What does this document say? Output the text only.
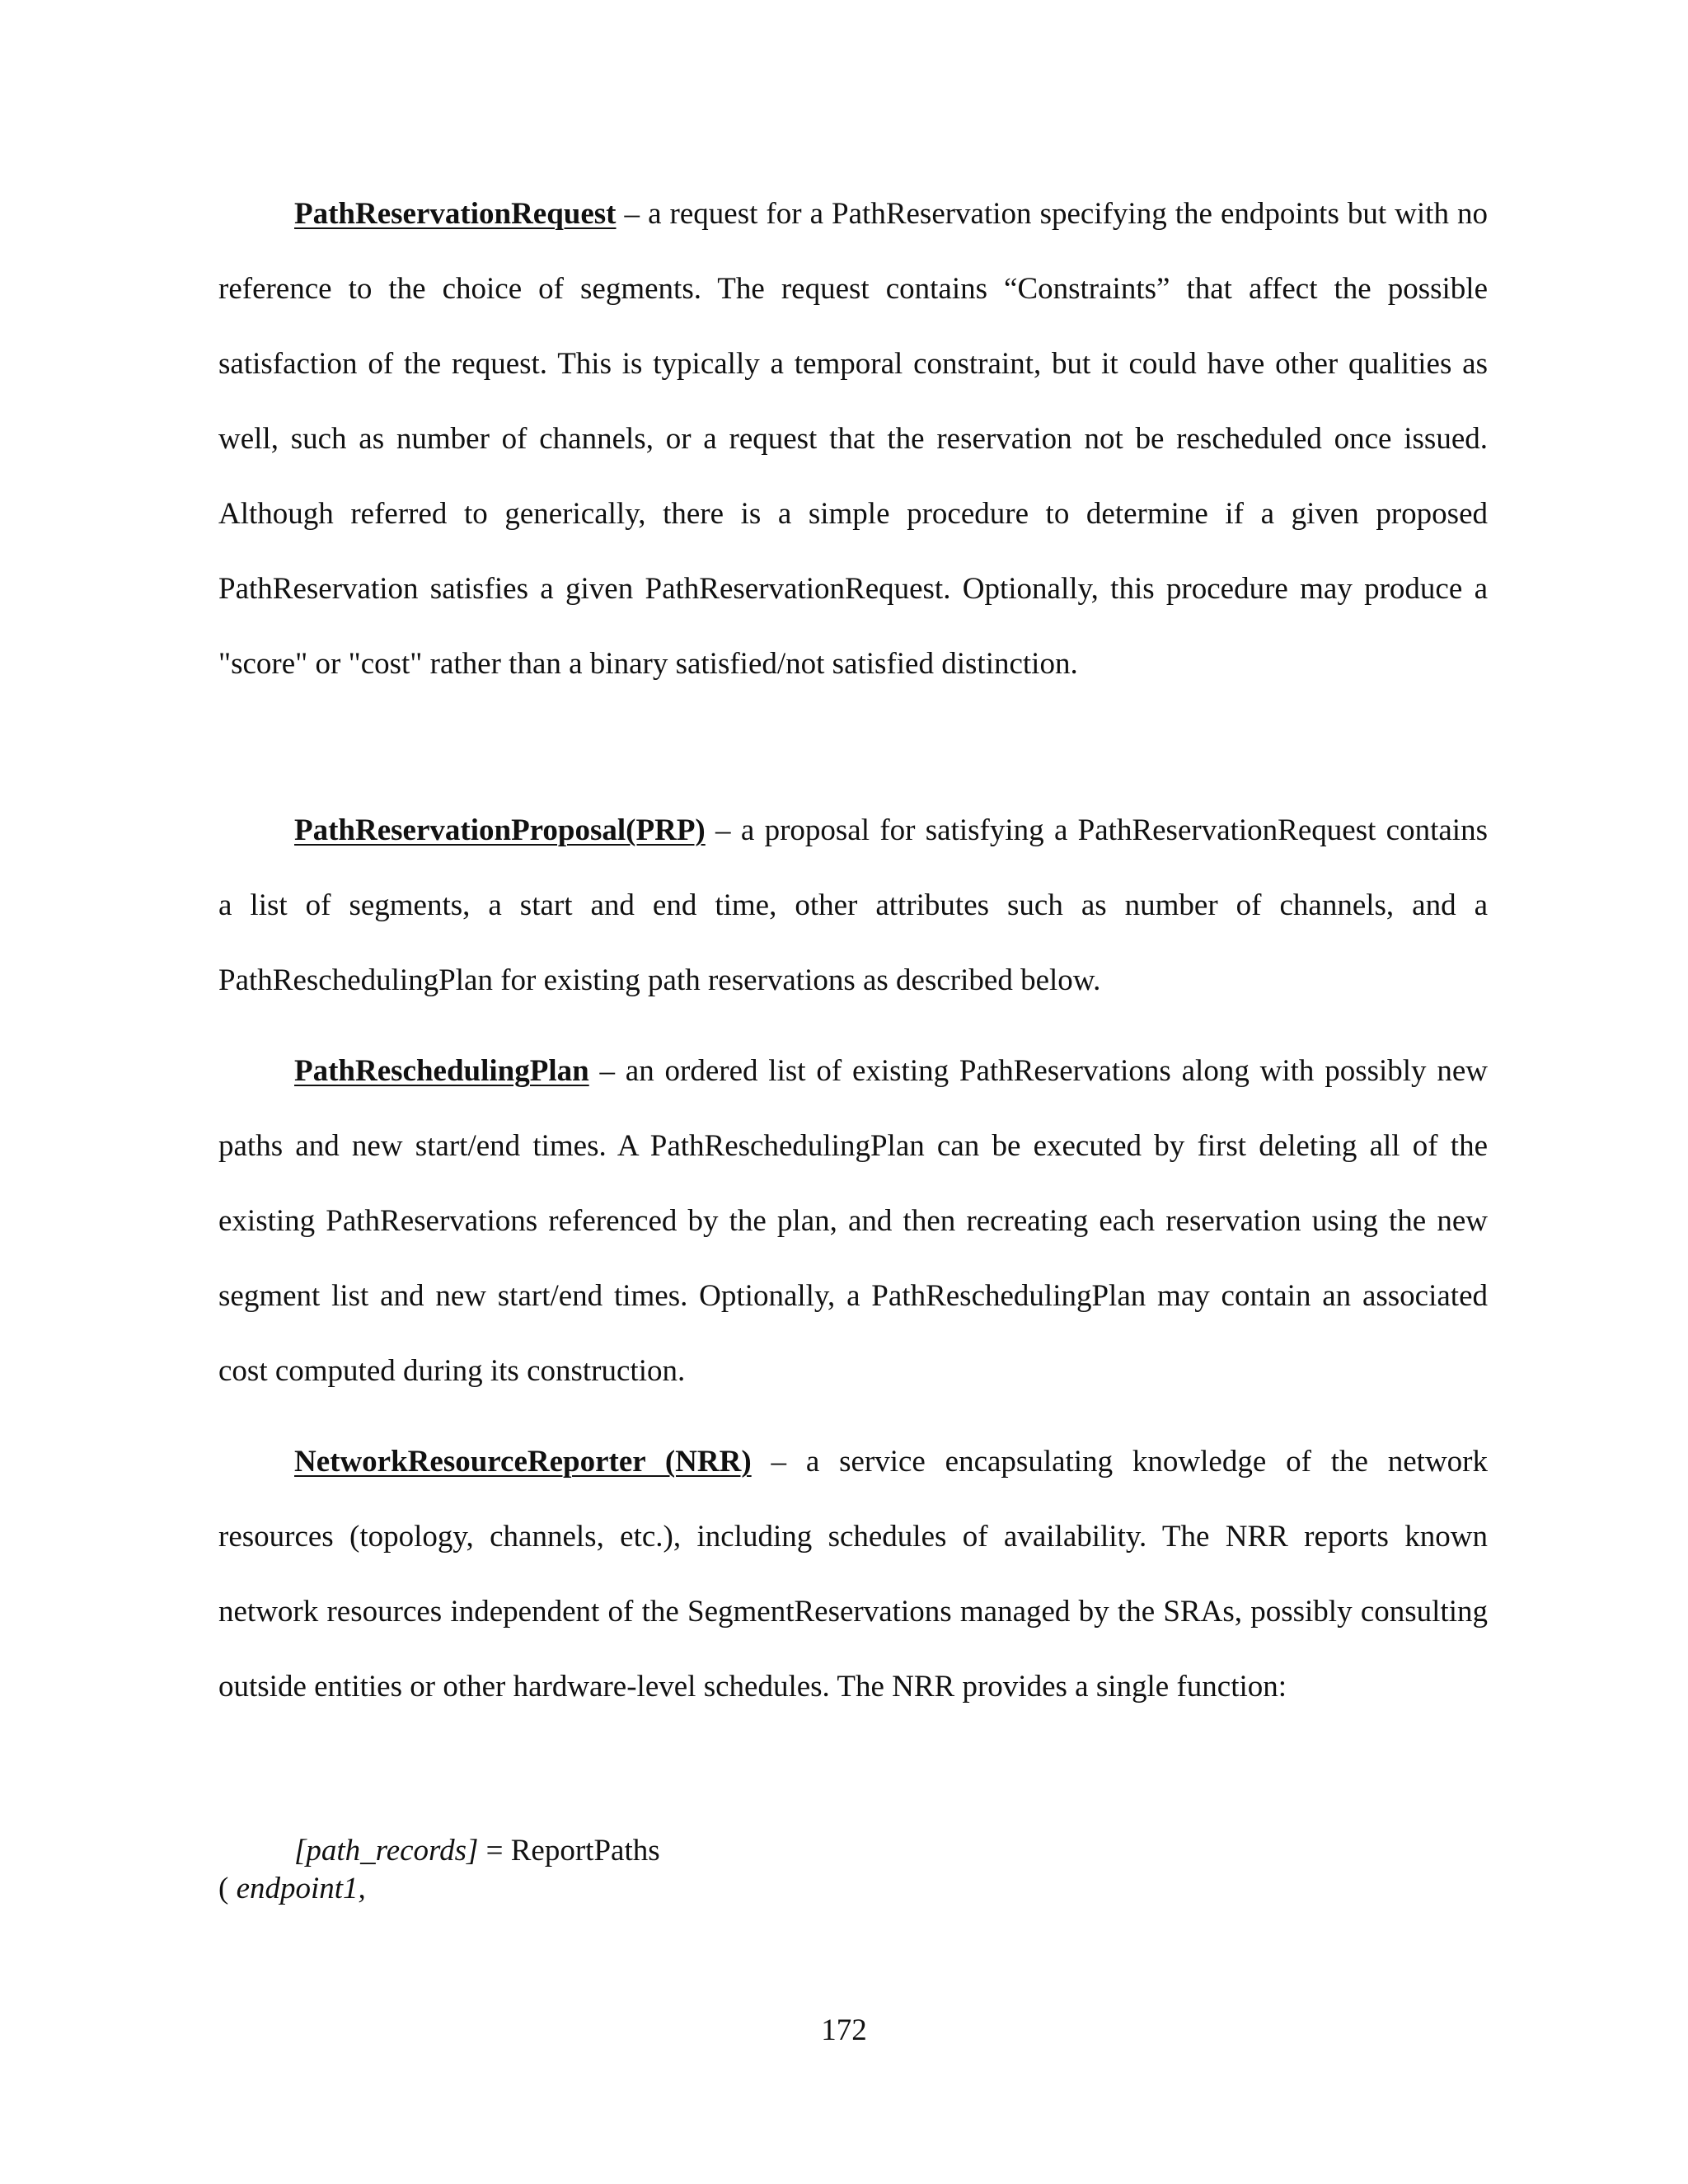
PathReservationRequest – a request for a PathReservation specifying the endpoints but with no reference to the choice of segments. The request contains “Constraints” that affect the possible satisfaction of the request. This is typically a temporal constraint, but it could have other qualities as well, such as number of channels, or a request that the reservation not be rescheduled once issued. Although referred to generically, there is a simple procedure to determine if a given proposed PathReservation satisfies a given PathReservationRequest. Optionally, this procedure may produce a "score" or "cost" rather than a binary satisfied/not satisfied distinction.

PathReservationProposal(PRP) – a proposal for satisfying a PathReservationRequest contains a list of segments, a start and end time, other attributes such as number of channels, and a PathReschedulingPlan for existing path reservations as described below.

PathReschedulingPlan – an ordered list of existing PathReservations along with possibly new paths and new start/end times. A PathReschedulingPlan can be executed by first deleting all of the existing PathReservations referenced by the plan, and then recreating each reservation using the new segment list and new start/end times. Optionally, a PathReschedulingPlan may contain an associated cost computed during its construction.

NetworkResourceReporter (NRR) – a service encapsulating knowledge of the network resources (topology, channels, etc.), including schedules of availability. The NRR reports known network resources independent of the SegmentReservations managed by the SRAs, possibly consulting outside entities or other hardware-level schedules. The NRR provides a single function:

[path_records] = ReportPaths
( endpoint1,
172
